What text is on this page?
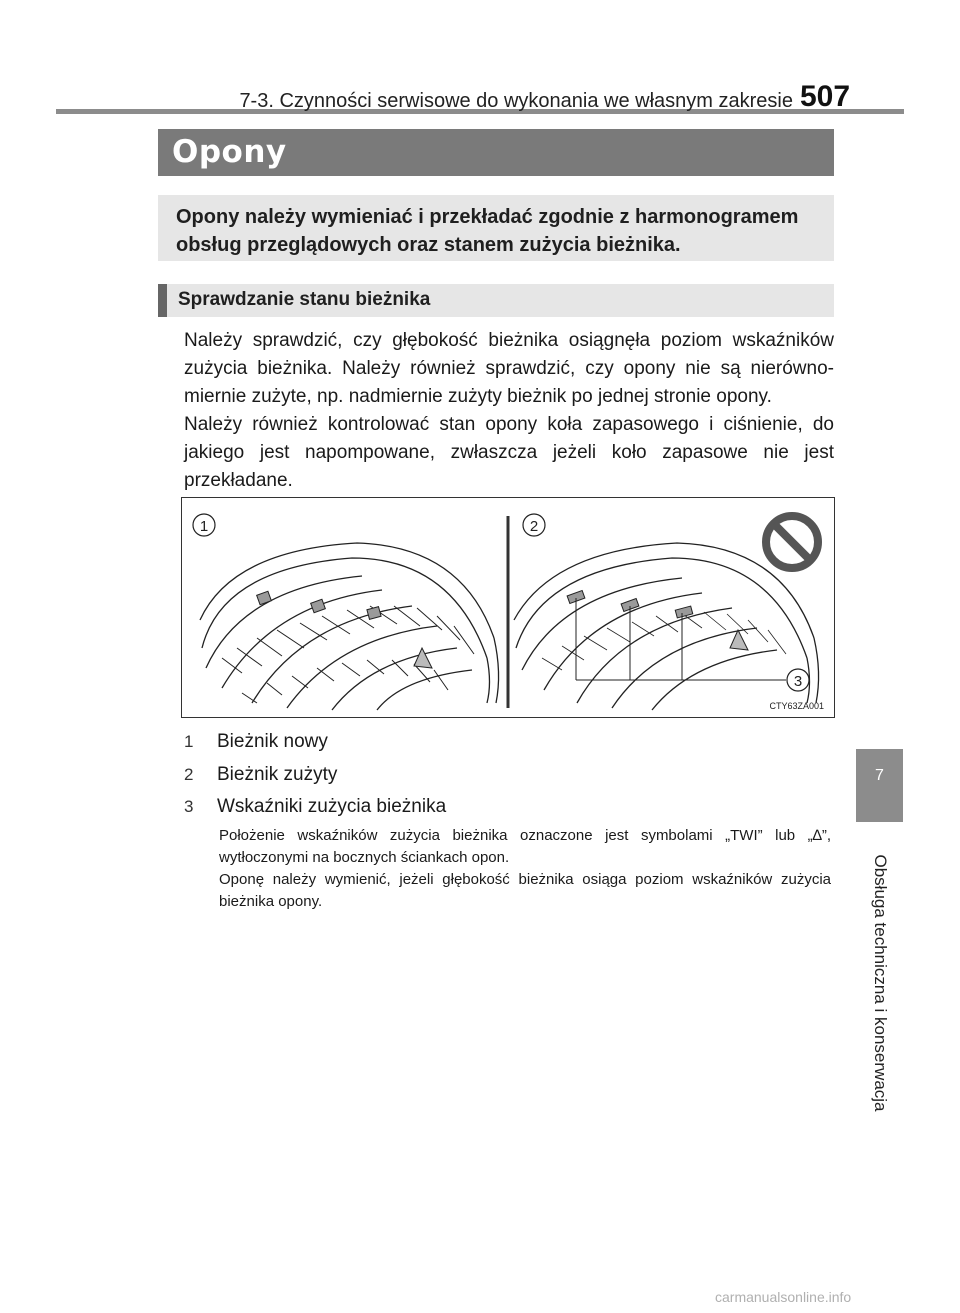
7-3. Czynności serwisowe do wykonania we własnym zakresie 507
Opony

Opony należy wymieniać i przekładać zgodnie z harmonogramem obsług przeglądowych oraz stanem zużycia bieżnika.

Sprawdzanie stanu bieżnika

Należy sprawdzić, czy głębokość bieżnika osiągnęła poziom wskaźników zużycia bieżnika. Należy również sprawdzić, czy opony nie są nierównomiernie zużyte, np. nadmiernie zużyty bieżnik po jednej stronie opony.

Należy również kontrolować stan opony koła zapasowego i ciśnienie, do jakiego jest napompowane, zwłaszcza jeżeli koło zapasowe nie jest przekładane.

1	2
3
CTY63ZA001
1 Bieżnik nowy
2 Bieżnik zużyty
3 Wskaźniki zużycia bieżnika

Położenie wskaźników zużycia bieżnika oznaczone jest symbolami „TWI” lub „∆”, wytłoczonymi na bocznych ściankach opon.

Oponę należy wymienić, jeżeli głębokość bieżnika osiąga poziom wskaźników zużycia bieżnika opony.

7
Obsługa techniczna i konserwacja
carmanualsonline.info
